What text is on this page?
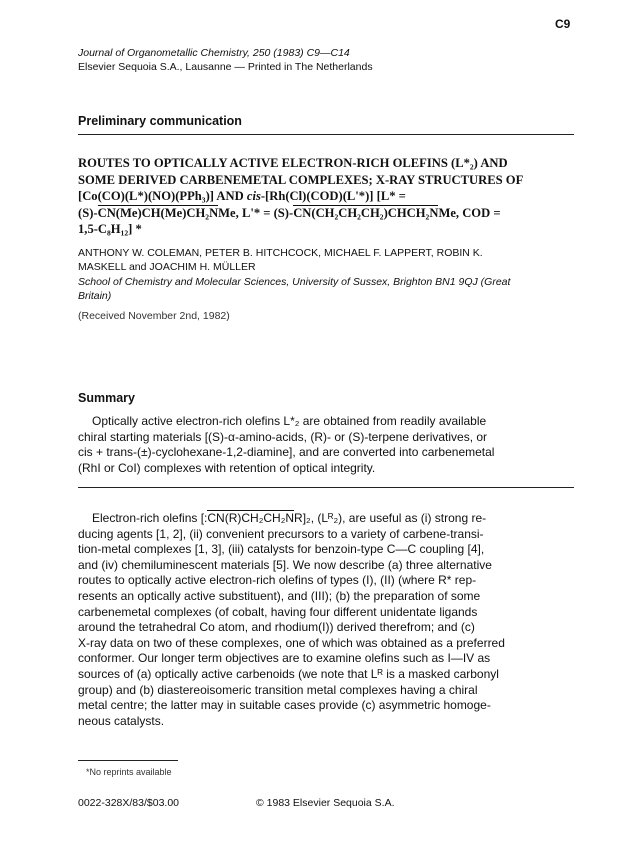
C9
Journal of Organometallic Chemistry, 250 (1983) C9—C14
Elsevier Sequoia S.A., Lausanne — Printed in The Netherlands
Preliminary communication
ROUTES TO OPTICALLY ACTIVE ELECTRON-RICH OLEFINS (L*₂) AND
SOME DERIVED CARBENEMETAL COMPLEXES; X-RAY STRUCTURES OF
[Co(CO)(L*)(NO)(PPh₃)] AND cis-[Rh(Cl)(COD)(L'*)] [L* =
(S)-CN(Me)CH(Me)CH₂NMe, L'* = (S)-CN(CH₂CH₂CH₂)CHCH₂NMe, COD =
1,5-C₈H₁₂] *
ANTHONY W. COLEMAN, PETER B. HITCHCOCK, MICHAEL F. LAPPERT, ROBIN K.
MASKELL and JOACHIM H. MÜLLER
School of Chemistry and Molecular Sciences, University of Sussex, Brighton BN1 9QJ (Great
Britain)
(Received November 2nd, 1982)
Summary
Optically active electron-rich olefins L*₂ are obtained from readily available
chiral starting materials [(S)-α-amino-acids, (R)- or (S)-terpene derivatives, or
cis + trans-(±)-cyclohexane-1,2-diamine], and are converted into carbenemetal
(RhI or CoI) complexes with retention of optical integrity.
Electron-rich olefins [:CN(R)CH₂CH₂NR]₂, (Lᴿ₂), are useful as (i) strong re-
ducing agents [1, 2], (ii) convenient precursors to a variety of carbene-transi-
tion-metal complexes [1, 3], (iii) catalysts for benzoin-type C—C coupling [4],
and (iv) chemiluminescent materials [5]. We now describe (a) three alternative
routes to optically active electron-rich olefins of types (I), (II) (where R* rep-
resents an optically active substituent), and (III); (b) the preparation of some
carbenemetal complexes (of cobalt, having four different unidentate ligands
around the tetrahedral Co atom, and rhodium(I)) derived therefrom; and (c)
X-ray data on two of these complexes, one of which was obtained as a preferred
conformer. Our longer term objectives are to examine olefins such as I—IV as
sources of (a) optically active carbenoids (we note that Lᴿ is a masked carbonyl
group) and (b) diastereoisomeric transition metal complexes having a chiral
metal centre; the latter may in suitable cases provide (c) asymmetric homoge-
neous catalysts.
*No reprints available
0022-328X/83/$03.00	© 1983 Elsevier Sequoia S.A.
